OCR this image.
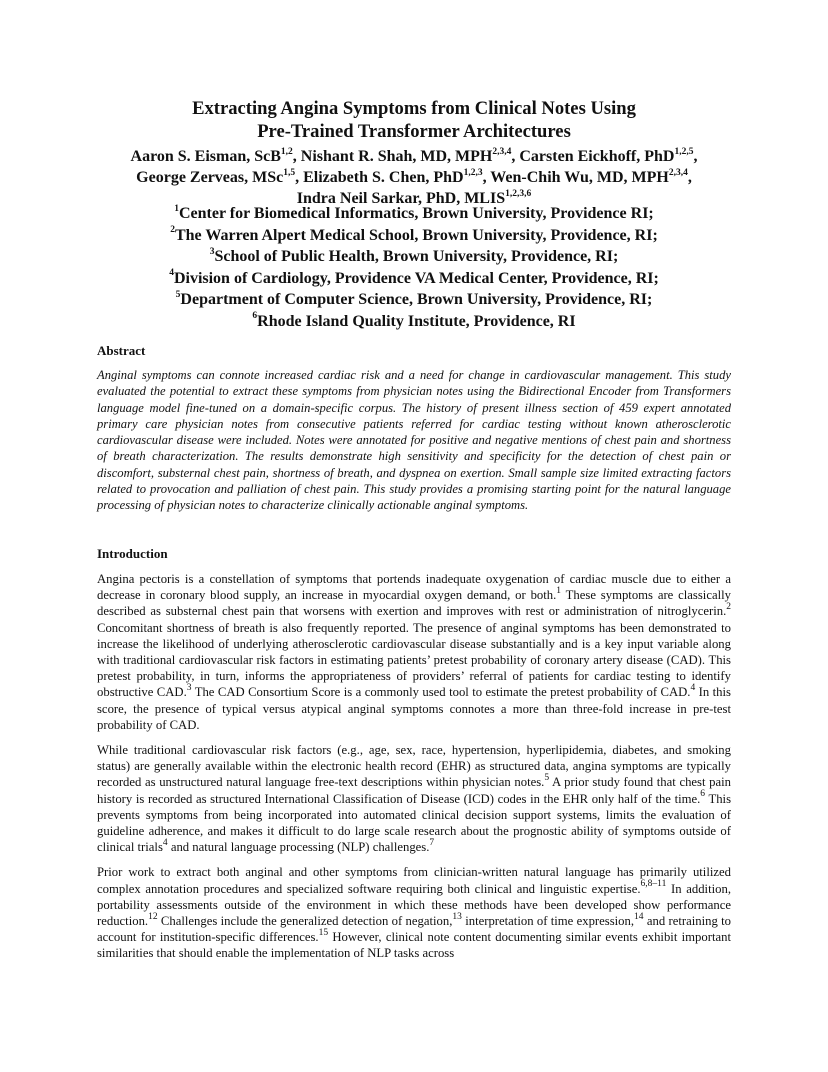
Extracting Angina Symptoms from Clinical Notes Using
Pre-Trained Transformer Architectures
Aaron S. Eisman, ScB$^{1,2}$, Nishant R. Shah, MD, MPH$^{2,3,4}$, Carsten Eickhoff, PhD$^{1,2,5}$,
George Zerveas, MSc$^{1,5}$, Elizabeth S. Chen, PhD$^{1,2,3}$, Wen-Chih Wu, MD, MPH$^{2,3,4}$,
Indra Neil Sarkar, PhD, MLIS$^{1,2,3,6}$
$^1$Center for Biomedical Informatics, Brown University, Providence RI;
$^2$The Warren Alpert Medical School, Brown University, Providence, RI;
$^3$School of Public Health, Brown University, Providence, RI;
$^4$Division of Cardiology, Providence VA Medical Center, Providence, RI;
$^5$Department of Computer Science, Brown University, Providence, RI;
$^6$Rhode Island Quality Institute, Providence, RI
Abstract
Anginal symptoms can connote increased cardiac risk and a need for change in cardiovascular management. This study evaluated the potential to extract these symptoms from physician notes using the Bidirectional Encoder from Transformers language model fine-tuned on a domain-specific corpus. The history of present illness section of 459 expert annotated primary care physician notes from consecutive patients referred for cardiac testing without known atherosclerotic cardiovascular disease were included. Notes were annotated for positive and negative mentions of chest pain and shortness of breath characterization. The results demonstrate high sensitivity and specificity for the detection of chest pain or discomfort, substernal chest pain, shortness of breath, and dyspnea on exertion. Small sample size limited extracting factors related to provocation and palliation of chest pain. This study provides a promising starting point for the natural language processing of physician notes to characterize clinically actionable anginal symptoms.
Introduction

Angina pectoris is a constellation of symptoms that portends inadequate oxygenation of cardiac muscle due to either a decrease in coronary blood supply, an increase in myocardial oxygen demand, or both.$^1$ These symptoms are classically described as substernal chest pain that worsens with exertion and improves with rest or administration of nitroglycerin.$^2$ Concomitant shortness of breath is also frequently reported. The presence of anginal symptoms has been demonstrated to increase the likelihood of underlying atherosclerotic cardiovascular disease substantially and is a key input variable along with traditional cardiovascular risk factors in estimating patients’ pretest probability of coronary artery disease (CAD). This pretest probability, in turn, informs the appropriateness of providers’ referral of patients for cardiac testing to identify obstructive CAD.$^3$ The CAD Consortium Score is a commonly used tool to estimate the pretest probability of CAD.$^4$ In this score, the presence of typical versus atypical anginal symptoms connotes a more than three-fold increase in pre-test probability of CAD.

While traditional cardiovascular risk factors (e.g., age, sex, race, hypertension, hyperlipidemia, diabetes, and smoking status) are generally available within the electronic health record (EHR) as structured data, angina symptoms are typically recorded as unstructured natural language free-text descriptions within physician notes.$^5$ A prior study found that chest pain history is recorded as structured International Classification of Disease (ICD) codes in the EHR only half of the time.$^6$ This prevents symptoms from being incorporated into automated clinical decision support systems, limits the evaluation of guideline adherence, and makes it difficult to do large scale research about the prognostic ability of symptoms outside of clinical trials$^4$ and natural language processing (NLP) challenges.$^7$

Prior work to extract both anginal and other symptoms from clinician-written natural language has primarily utilized complex annotation procedures and specialized software requiring both clinical and linguistic expertise.$^{6,8-11}$ In addition, portability assessments outside of the environment in which these methods have been developed show performance reduction.$^{12}$ Challenges include the generalized detection of negation,$^{13}$ interpretation of time expression,$^{14}$ and retraining to account for institution-specific differences.$^{15}$ However, clinical note content documenting similar events exhibit important similarities that should enable the implementation of NLP tasks across
